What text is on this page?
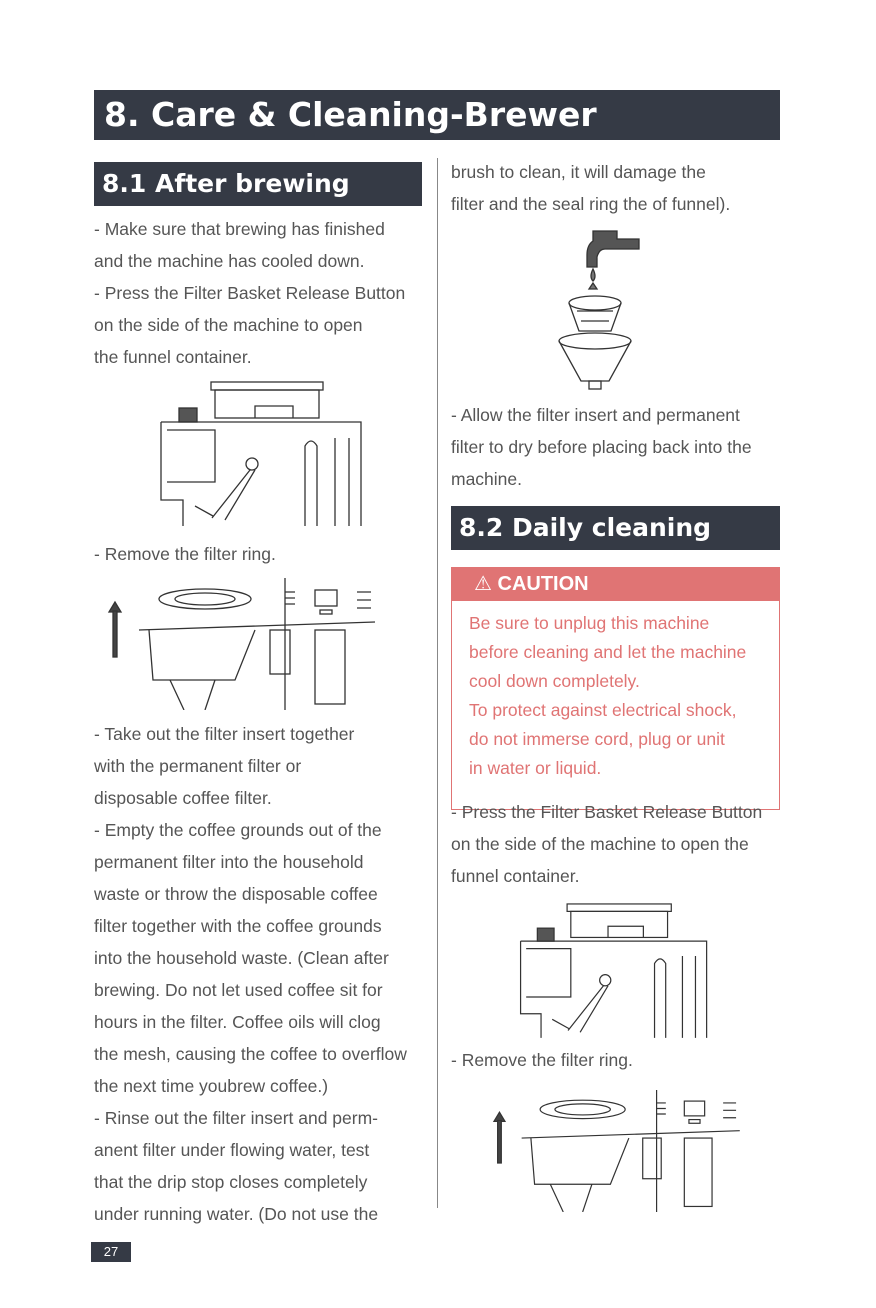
8. Care & Cleaning-Brewer
8.1 After brewing
- Make sure that brewing has finished
and the machine has cooled down.
- Press the Filter Basket Release Button
on the side of the machine to open
the funnel container.
- Remove the filter ring.
- Take out the filter insert together
with the permanent filter or
disposable coffee filter.
- Empty the coffee grounds out of the
permanent filter into the household
waste or throw the disposable coffee
filter together with the coffee grounds
into the household waste. (Clean after
brewing. Do not let used coffee sit for
hours in the filter. Coffee oils will clog
the mesh, causing the coffee to overflow
the next time youbrew coffee.)
- Rinse out the filter insert and perm-
anent filter under flowing water, test
that the drip stop closes completely
under running water. (Do not use the
brush to clean, it will damage the
filter and the seal ring the of funnel).
- Allow the filter insert and permanent
filter to dry before placing back into the
machine.
8.2 Daily cleaning
⚠ CAUTION
Be sure to unplug this machine
before cleaning and let the machine
cool down completely.
To protect against electrical shock,
do not immerse cord, plug or unit
in water or liquid.
- Press the Filter Basket Release Button
on the side of the machine to open the
funnel container.
- Remove the filter ring.
27
